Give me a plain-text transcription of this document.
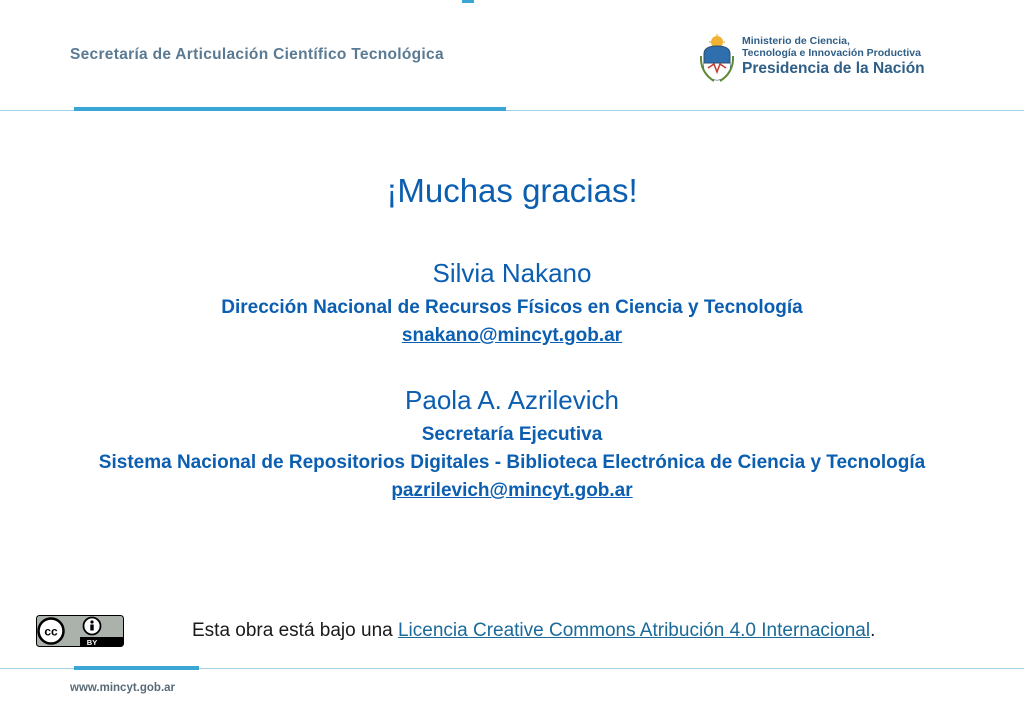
Secretaría de Articulación Científico Tecnológica
Ministerio de Ciencia,
Tecnología e Innovación Productiva
Presidencia de la Nación
¡Muchas gracias!
Silvia Nakano
Dirección Nacional de Recursos Físicos en Ciencia y Tecnología
snakano@mincyt.gob.ar
Paola A. Azrilevich
Secretaría Ejecutiva
Sistema Nacional de Repositorios Digitales - Biblioteca Electrónica de Ciencia y Tecnología
pazrilevich@mincyt.gob.ar
cc
BY
Esta obra está bajo una Licencia Creative Commons Atribución 4.0 Internacional.
www.mincyt.gob.ar
